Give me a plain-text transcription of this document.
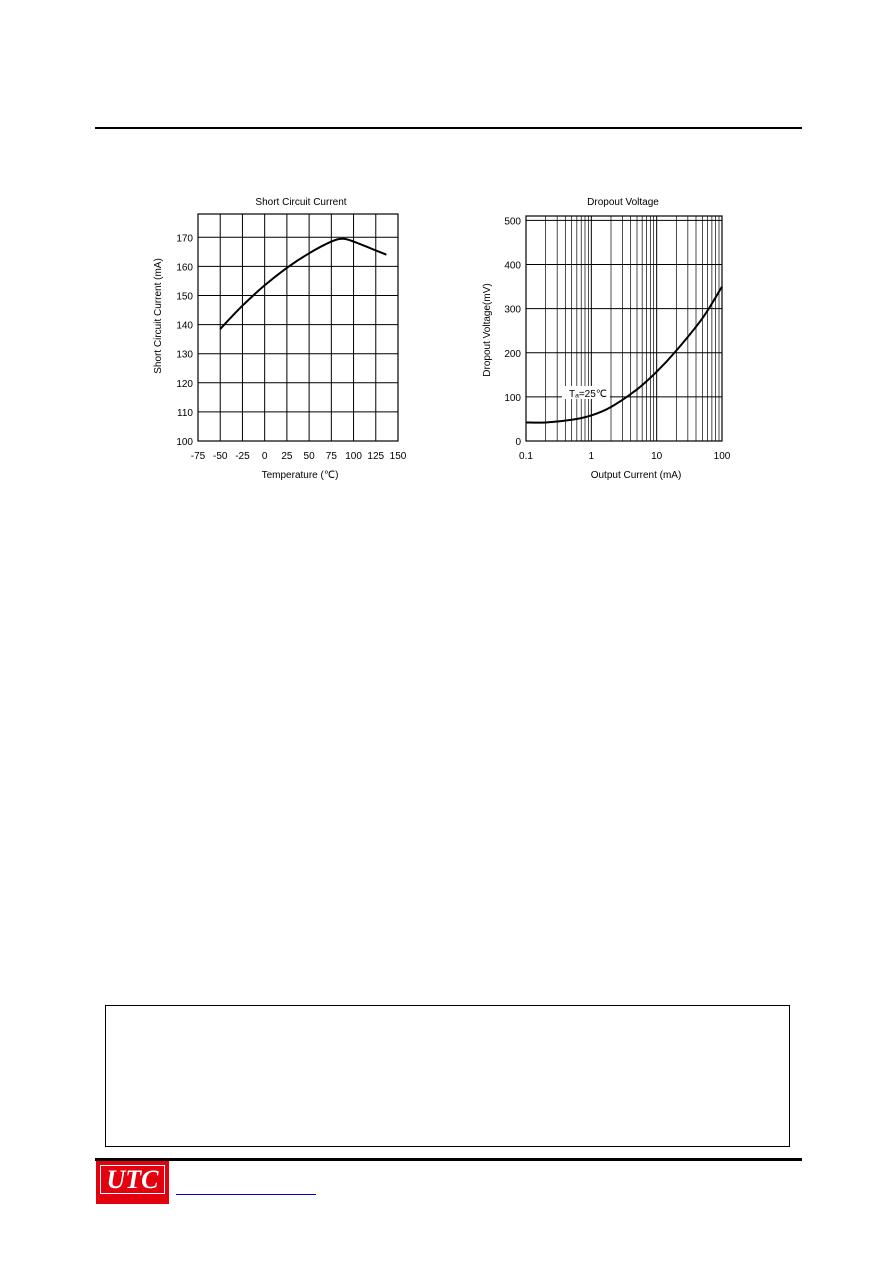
Short Circuit Current
-75 -50 -25 0 25 50 75 100 125 150
100
110
120
130
140
150
160
170
Temperature (℃)
Short Circuit Current (mA)
Dropout Voltage
0.1	1	10	100
0
100
200
300
400
500
Output Current (mA)
Dropout Voltage(mV)
Tₐ=25℃
UTC
